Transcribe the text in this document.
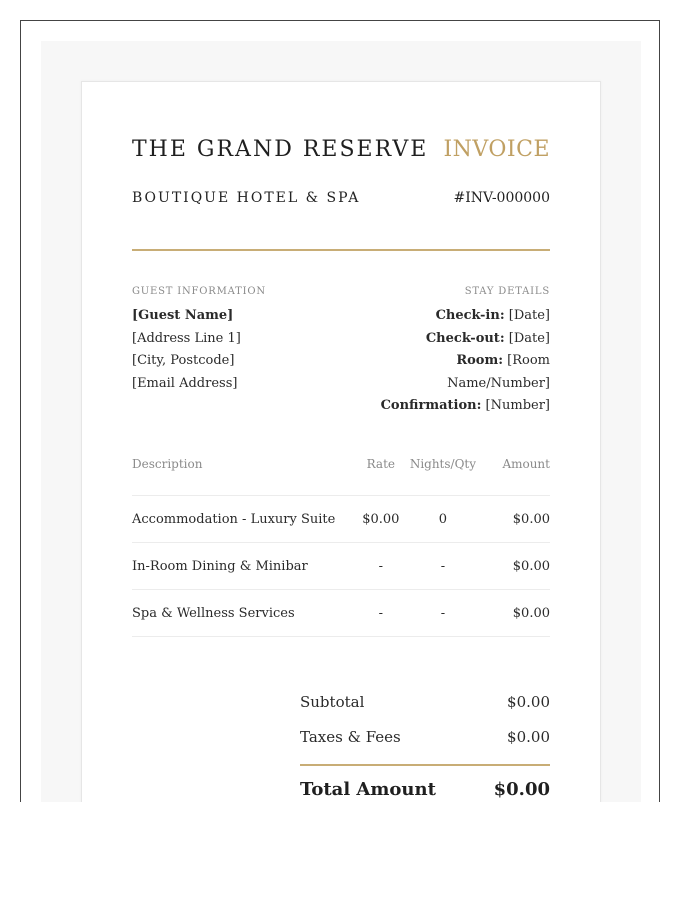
THE GRAND RESERVE INVOICE
BOUTIQUE HOTEL & SPA	#INV-000000
GUEST INFORMATION
[Guest Name]
[Address Line 1]
[City, Postcode]
[Email Address]
STAY DETAILS
Check-in: [Date]
Check-out: [Date]
Room: [Room Name/Number]
Confirmation: [Number]
Description	Rate	Nights/Qty	Amount
Accommodation - Luxury Suite	$0.00	0	$0.00
In-Room Dining & Minibar	-	-	$0.00
Spa & Wellness Services	-	-	$0.00
Subtotal	$0.00
Taxes & Fees	$0.00
Total Amount	$0.00
